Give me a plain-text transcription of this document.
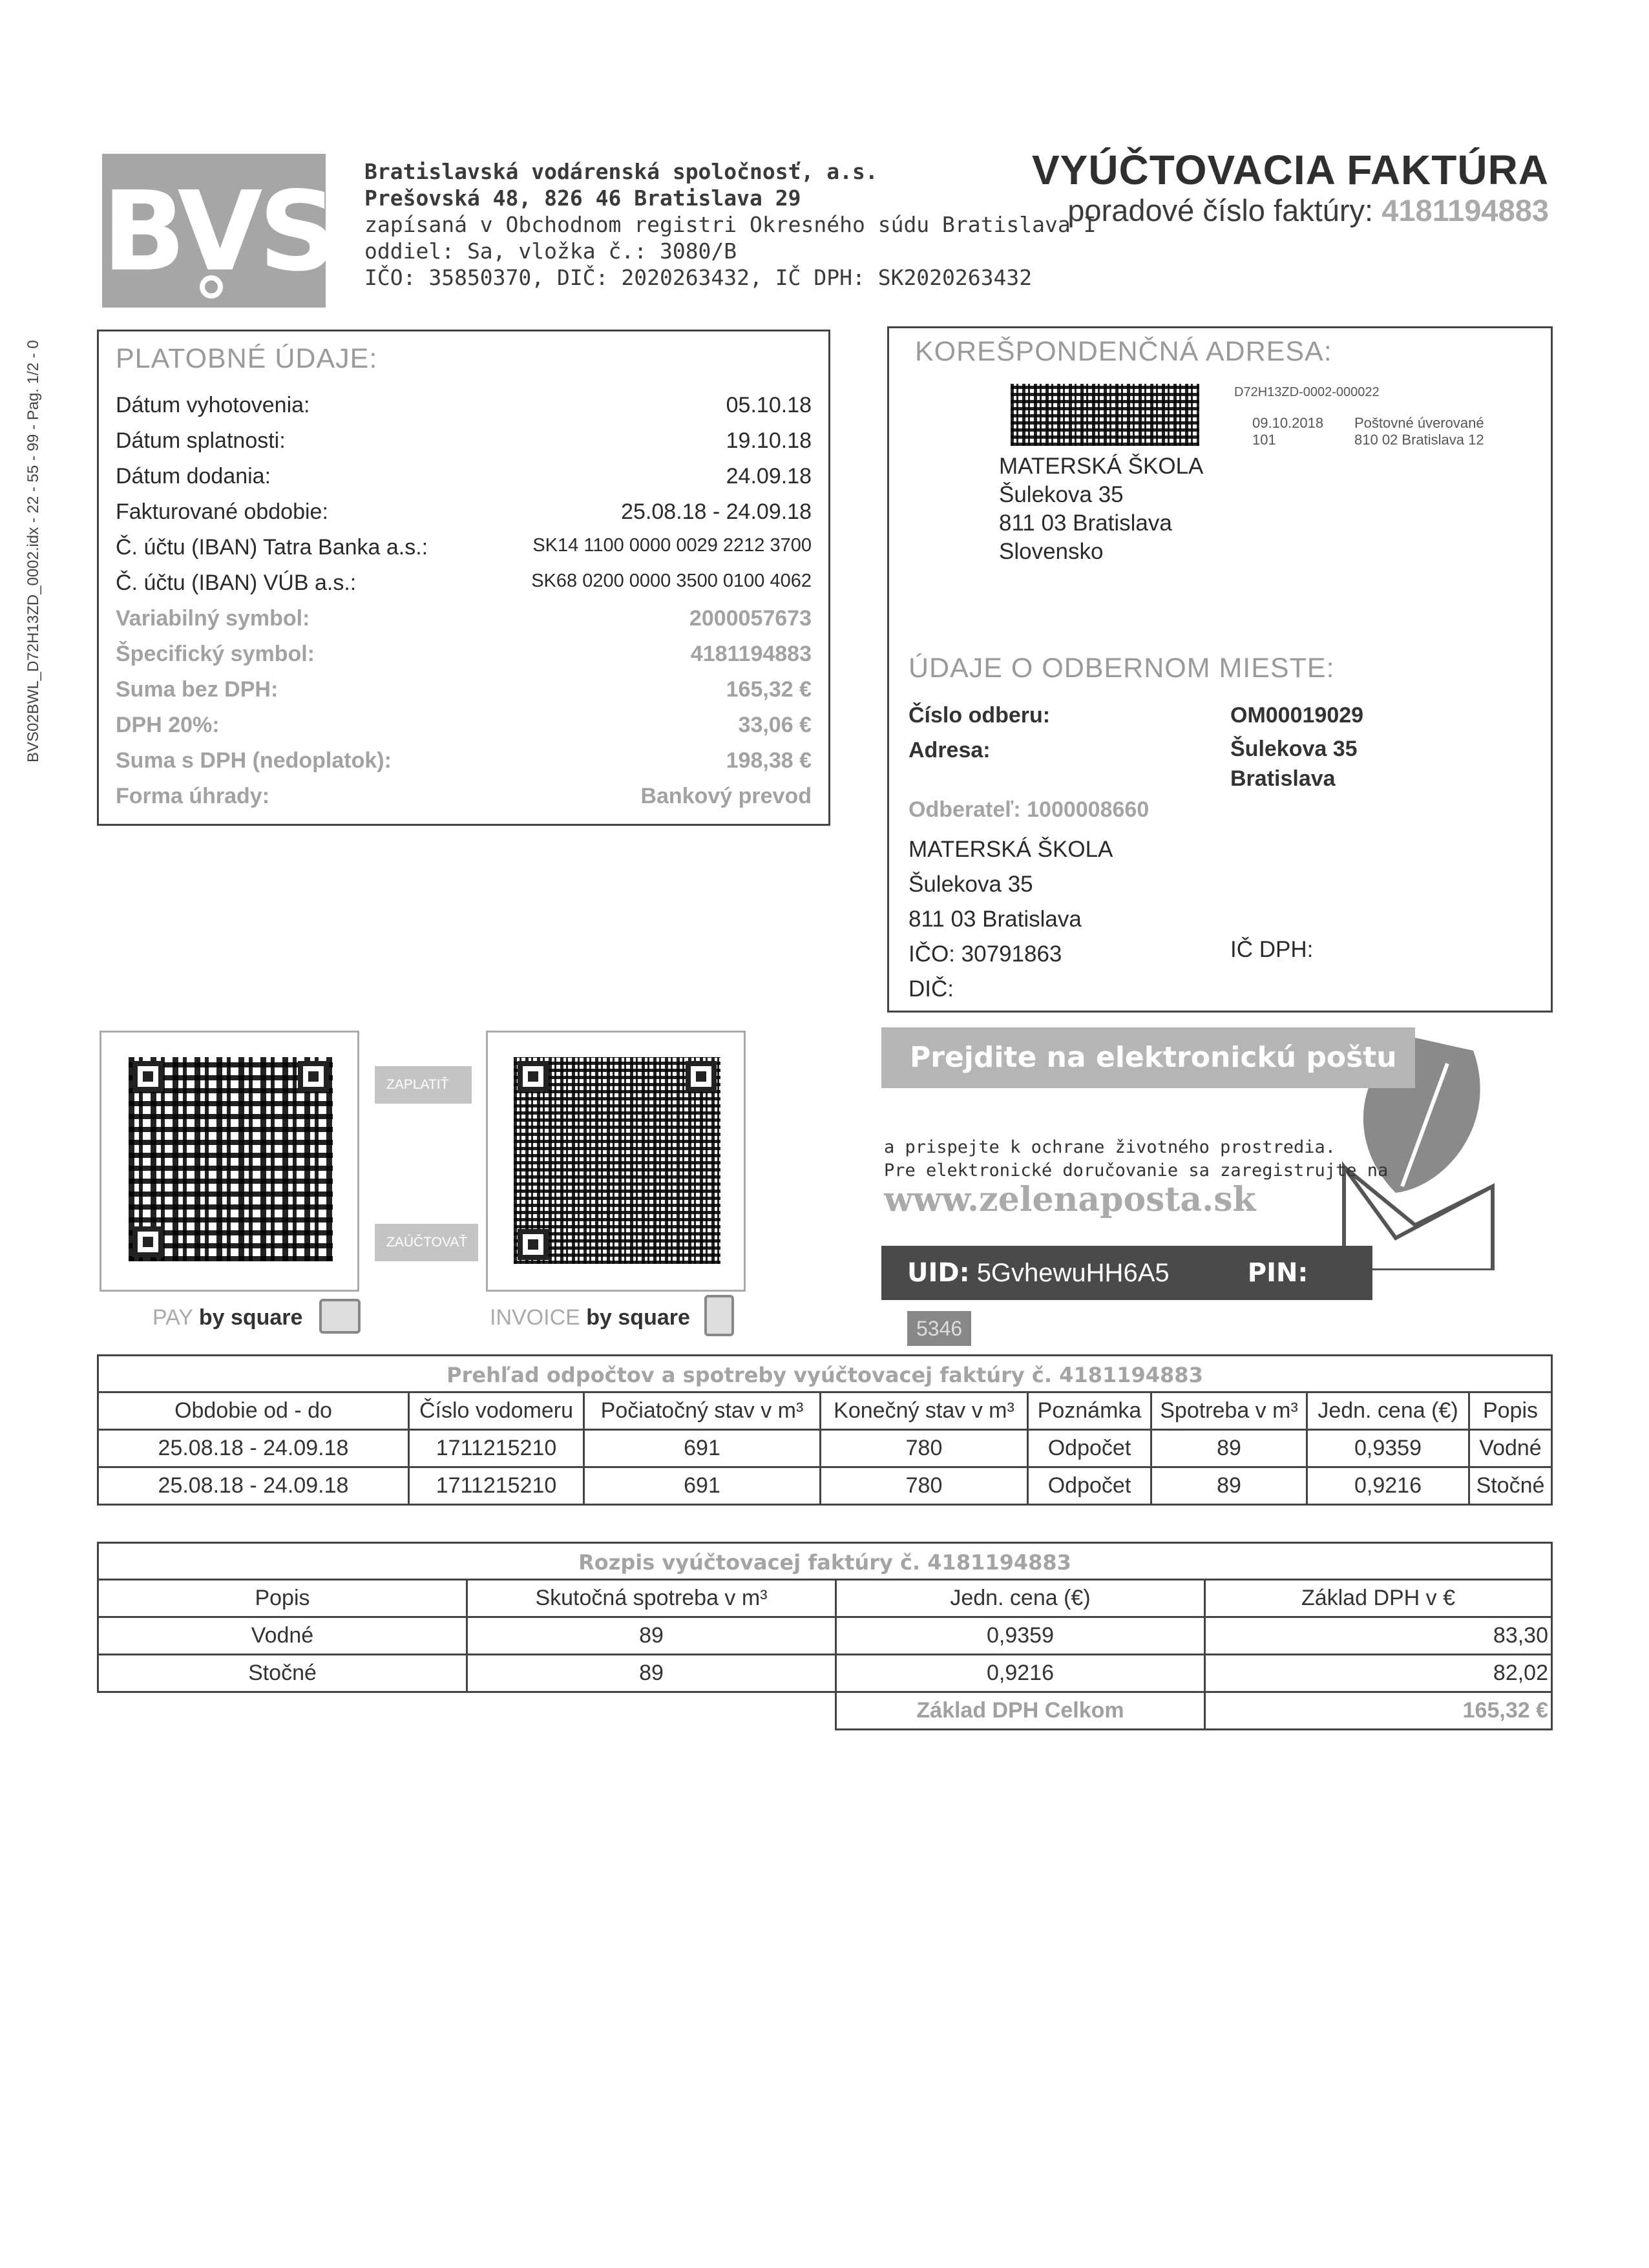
BVS02BWL_D72H13ZD_0002.idx - 22 - 55 - 99 - Pag. 1/2 - 0
BVS Bratislavská vodárenská spoločnosť, a.s.
Prešovská 48, 826 46 Bratislava 29
zapísaná v Obchodnom registri Okresného súdu Bratislava I
oddiel: Sa, vložka č.: 3080/B
IČO: 35850370, DIČ: 2020263432, IČ DPH: SK2020263432
VYÚČTOVACIA FAKTÚRA
poradové číslo faktúry: 4181194883
PLATOBNÉ ÚDAJE:
Dátum vyhotovenia:	05.10.18
Dátum splatnosti:	19.10.18
Dátum dodania:	24.09.18
Fakturované obdobie:	25.08.18 - 24.09.18
Č. účtu (IBAN) Tatra Banka a.s.:	SK14 1100 0000 0029 2212 3700
Č. účtu (IBAN) VÚB a.s.:	SK68 0200 0000 3500 0100 4062
Variabilný symbol:	2000057673
Špecifický symbol:	4181194883
Suma bez DPH:	165,32 €
DPH 20%:	33,06 €
Suma s DPH (nedoplatok):	198,38 €
Forma úhrady:	Bankový prevod
KOREŠPONDENČNÁ ADRESA:
D72H13ZD-0002-000022
09.10.2018
101
Poštovné úverované
810 02 Bratislava 12
MATERSKÁ ŠKOLA
Šulekova 35
811 03 Bratislava
Slovensko
ÚDAJE O ODBERNOM MIESTE:
Číslo odberu:	OM00019029
Adresa:	Šulekova 35
Bratislava
Odberateľ: 1000008660
MATERSKÁ ŠKOLA
Šulekova 35
811 03 Bratislava
IČO: 30791863
DIČ:
IČ DPH:
ZAPLATIŤ
ZAÚČTOVAŤ
PAY by square	INVOICE by square
Prejdite na elektronickú poštu
a prispejte k ochrane životného prostredia.
Pre elektronické doručovanie sa zaregistrujte na
www.zelenaposta.sk
UID: 5GvhewuHH6A5	PIN: 5346
Prehľad odpočtov a spotreby vyúčtovacej faktúry č. 4181194883
Obdobie od - do	Číslo vodomeru	Počiatočný stav v m³	Konečný stav v m³	Poznámka	Spotreba v m³	Jedn. cena (€)	Popis
25.08.18 - 24.09.18	1711215210	691	780	Odpočet	89	0,9359	Vodné
25.08.18 - 24.09.18	1711215210	691	780	Odpočet	89	0,9216	Stočné
Rozpis vyúčtovacej faktúry č. 4181194883
Popis	Skutočná spotreba v m³	Jedn. cena (€)	Základ DPH v €
Vodné	89	0,9359	83,30
Stočné	89	0,9216	82,02
		Základ DPH Celkom	165,32 €
